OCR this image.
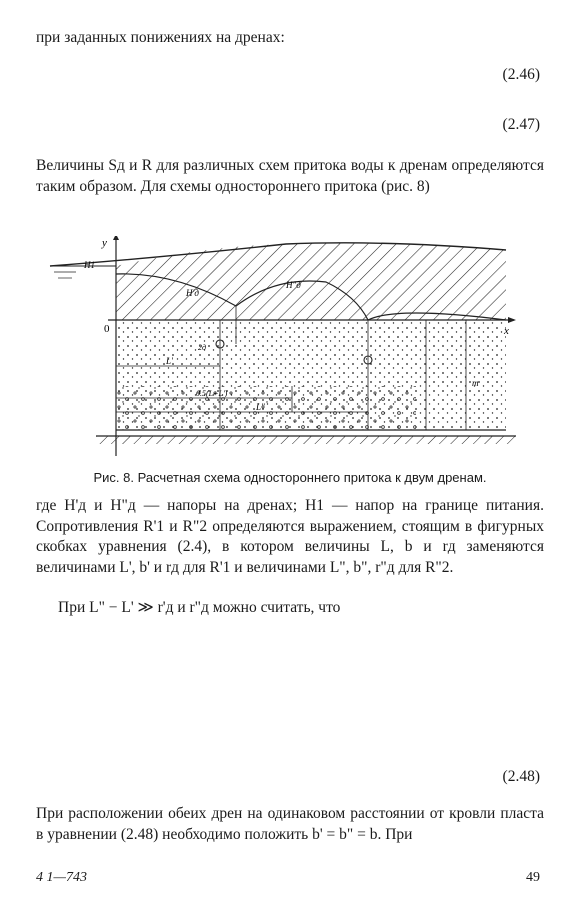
при заданных понижениях на дренах:

(2.46)
(2.47)

Величины Sд и R для различных схем притока воды к дренам определяются таким образом. Для схемы одностороннего притока (рис. 8)

y
H1
0	x
H'д
H"д
2д
L'
0.5(L+L')
L"
m
Рис. 8. Расчетная схема одностороннего притока к двум дренам.

где H'д и H"д — напоры на дренах; H1 — напор на границе питания. Сопротивления R'1 и R"2 определяются выражением, стоящим в фигурных скобках уравнения (2.4), в котором величины L, b и rд заменяются величинами L', b' и rд для R'1 и величинами L", b", r"д для R"2.

При L" − L' ≫ r'д и r"д можно считать, что

(2.48)

При расположении обеих дрен на одинаковом расстоянии от кровли пласта в уравнении (2.48) необходимо положить b' = b" = b. При

4 1—743	49
